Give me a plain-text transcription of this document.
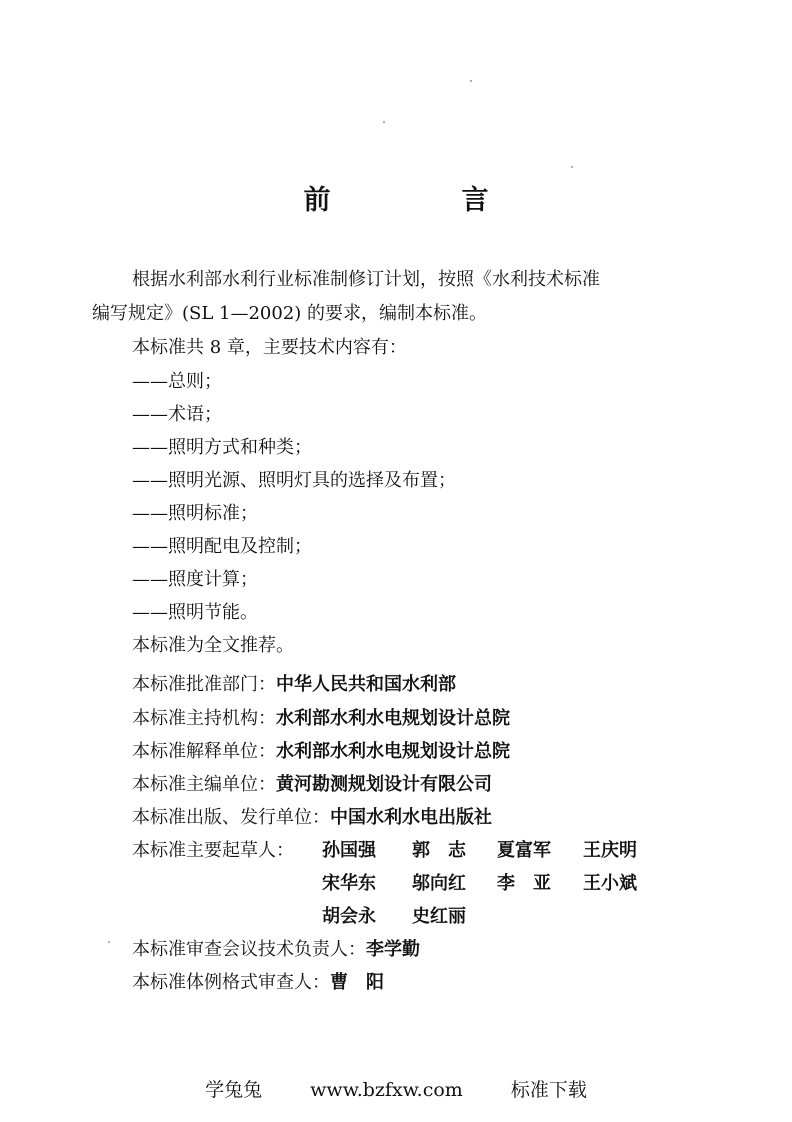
前　言
根据水利部水利行业标准制修订计划，按照《水利技术标准
编写规定》(SL 1—2002) 的要求，编制本标准。
本标准共 8 章，主要技术内容有：
——总则；
——术语；
——照明方式和种类；
——照明光源、照明灯具的选择及布置；
——照明标准；
——照明配电及控制；
——照度计算；
——照明节能。
本标准为全文推荐。
本标准批准部门：中华人民共和国水利部
本标准主持机构：水利部水利水电规划设计总院
本标准解释单位：水利部水利水电规划设计总院
本标准主编单位：黄河勘测规划设计有限公司
本标准出版、发行单位：中国水利水电出版社
本标准主要起草人： 孙国强 郭　志 夏富军 王庆明
宋华东 邬向红 李　亚 王小斌
胡会永 史红丽
本标准审查会议技术负责人：李学勤
本标准体例格式审查人：曹　阳
学兔兔	www.bzfxw.com	标准下载
